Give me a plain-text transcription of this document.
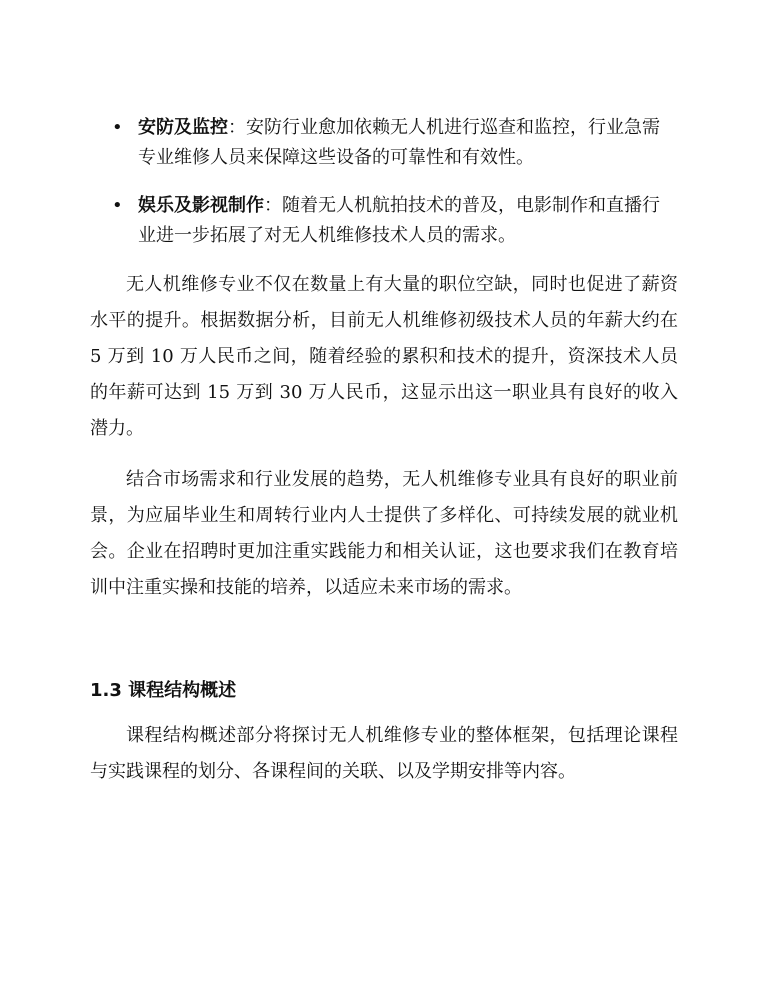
• 安防及监控：安防行业愈加依赖无人机进行巡查和监控，行业急需专业维修人员来保障这些设备的可靠性和有效性。
• 娱乐及影视制作：随着无人机航拍技术的普及，电影制作和直播行业进一步拓展了对无人机维修技术人员的需求。

无人机维修专业不仅在数量上有大量的职位空缺，同时也促进了薪资水平的提升。根据数据分析，目前无人机维修初级技术人员的年薪大约在 5 万到 10 万人民币之间，随着经验的累积和技术的提升，资深技术人员的年薪可达到 15 万到 30 万人民币，这显示出这一职业具有良好的收入潜力。

结合市场需求和行业发展的趋势，无人机维修专业具有良好的职业前景，为应届毕业生和周转行业内人士提供了多样化、可持续发展的就业机会。企业在招聘时更加注重实践能力和相关认证，这也要求我们在教育培训中注重实操和技能的培养，以适应未来市场的需求。

1.3 课程结构概述

课程结构概述部分将探讨无人机维修专业的整体框架，包括理论课程与实践课程的划分、各课程间的关联、以及学期安排等内容。
